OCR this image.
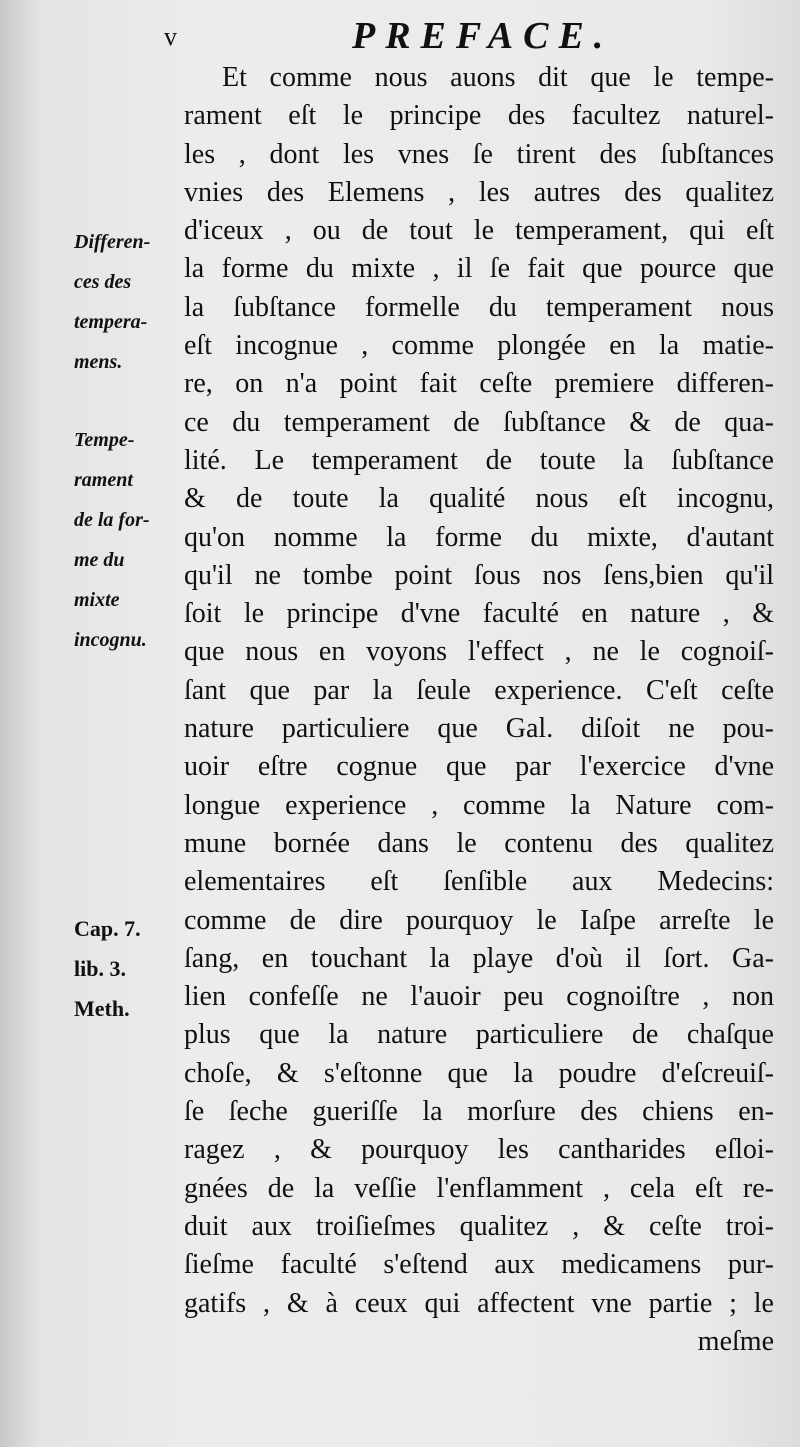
v	PREFACE.
Differen-
ces des
tempera-
mens.
Tempe-
rament
de la for-
me du
mixte
incognu.
Cap. 7.
lib. 3.
Meth.
Et comme nous auons dit que le tempe-
rament eſt le principe des facultez naturel-
les , dont les vnes ſe tirent des ſubſtances
vnies des Elemens , les autres des qualitez
d'iceux , ou de tout le temperament, qui eſt
la forme du mixte , il ſe fait que pource que
la ſubſtance formelle du temperament nous
eſt incognue , comme plongée en la matie-
re, on n'a point fait ceſte premiere differen-
ce du temperament de ſubſtance & de qua-
lité. Le temperament de toute la ſubſtance
& de toute la qualité nous eſt incognu,
qu'on nomme la forme du mixte, d'autant
qu'il ne tombe point ſous nos ſens,bien qu'il
ſoit le principe d'vne faculté en nature , &
que nous en voyons l'effect , ne le cognoiſ-
ſant que par la ſeule experience. C'eſt ceſte
nature particuliere que Gal. diſoit ne pou-
uoir eſtre cognue que par l'exercice d'vne
longue experience , comme la Nature com-
mune bornée dans le contenu des qualitez
elementaires eſt ſenſible aux Medecins:
comme de dire pourquoy le Iaſpe arreſte le
ſang, en touchant la playe d'où il ſort. Ga-
lien confeſſe ne l'auoir peu cognoiſtre , non
plus que la nature particuliere de chaſque
choſe, & s'eſtonne que la poudre d'eſcreuiſ-
ſe ſeche gueriſſe la morſure des chiens en-
ragez , & pourquoy les cantharides eſloi-
gnées de la veſſie l'enflamment , cela eſt re-
duit aux troiſieſmes qualitez , & ceſte troi-
ſieſme faculté s'eſtend aux medicamens pur-
gatifs , & à ceux qui affectent vne partie ; le
meſme
